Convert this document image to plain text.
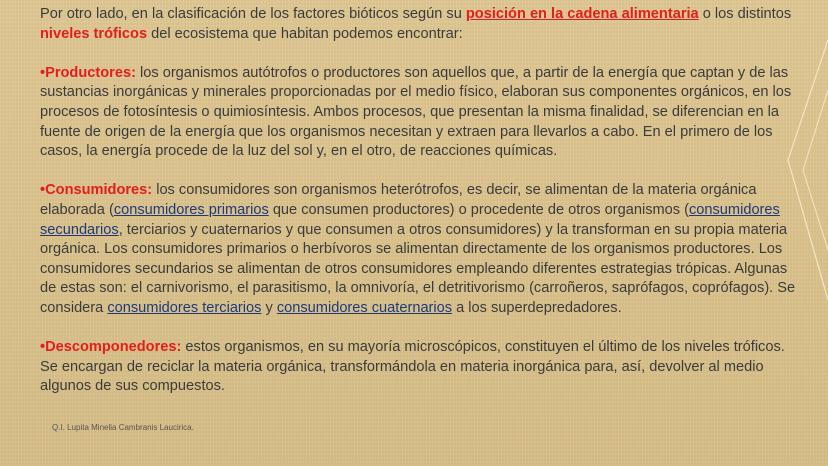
Por otro lado, en la clasificación de los factores bióticos según su posición en la cadena alimentaria o los distintos niveles tróficos del ecosistema que habitan podemos encontrar:

•Productores: los organismos autótrofos o productores son aquellos que, a partir de la energía que captan y de las sustancias inorgánicas y minerales proporcionadas por el medio físico, elaboran sus componentes orgánicos, en los procesos de fotosíntesis o quimiosíntesis. Ambos procesos, que presentan la misma finalidad, se diferencian en la fuente de origen de la energía que los organismos necesitan y extraen para llevarlos a cabo. En el primero de los casos, la energía procede de la luz del sol y, en el otro, de reacciones químicas.

•Consumidores: los consumidores son organismos heterótrofos, es decir, se alimentan de la materia orgánica elaborada (consumidores primarios que consumen productores) o procedente de otros organismos (consumidores secundarios, terciarios y cuaternarios y que consumen a otros consumidores) y la transforman en su propia materia orgánica. Los consumidores primarios o herbívoros se alimentan directamente de los organismos productores. Los consumidores secundarios se alimentan de otros consumidores empleando diferentes estrategias trópicas. Algunas de estas son: el carnivorismo, el parasitismo, la omnivoría, el detritivorismo (carroñeros, saprófagos, coprófagos). Se considera consumidores terciarios y consumidores cuaternarios a los superdepredadores.

•Descomponedores: estos organismos, en su mayoría microscópicos, constituyen el último de los niveles tróficos. Se encargan de reciclar la materia orgánica, transformándola en materia inorgánica para, así, devolver al medio algunos de sus compuestos.

Q.I. Lupita Minelia Cambranis Laucirica.
